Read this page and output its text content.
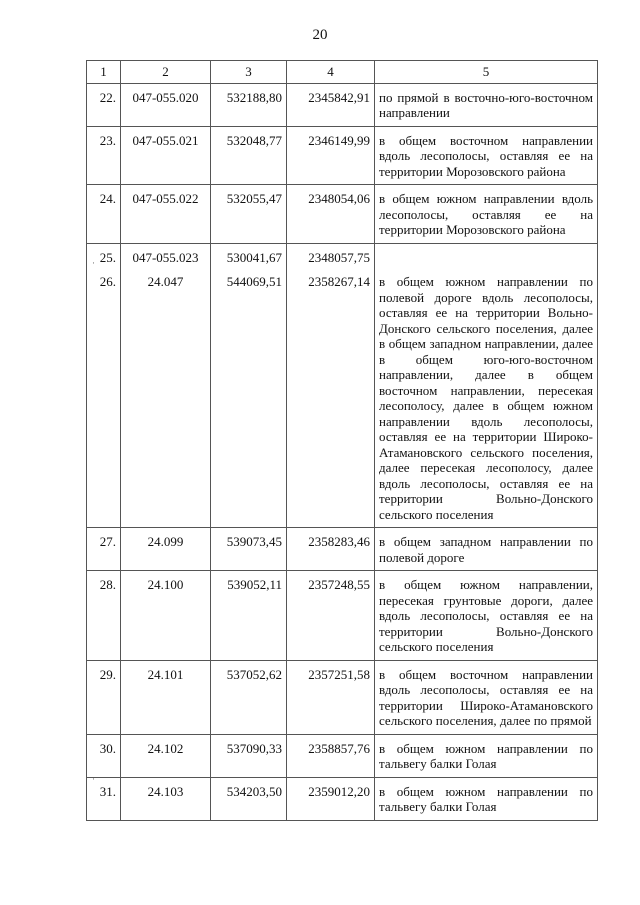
20
1	2	3	4	5
22.	047-055.020	532188,80	2345842,91	по прямой в восточно-юго-восточном направлении
23.	047-055.021	532048,77	2346149,99	в общем восточном направлении вдоль лесополосы, оставляя ее на территории Морозовского района
24.	047-055.022	532055,47	2348054,06	в общем южном направлении вдоль лесополосы, оставляя ее на территории Морозовского района
25.	047-055.023	530041,67	2348057,75	
26.	24.047	544069,51	2358267,14	в общем южном направлении по полевой дороге вдоль лесополосы, оставляя ее на территории Вольно-Донского сельского поселения, далее в общем западном направлении, далее в общем юго-юго-восточном направлении, далее в общем восточном направлении, пересекая лесополосу, далее в общем южном направлении вдоль лесополосы, оставляя ее на территории Широко-Атамановского сельского поселения, далее пересекая лесополосу, далее вдоль лесополосы, оставляя ее на территории Вольно-Донского сельского поселения
27.	24.099	539073,45	2358283,46	в общем западном направлении по полевой дороге
28.	24.100	539052,11	2357248,55	в общем южном направлении, пересекая грунтовые дороги, далее вдоль лесополосы, оставляя ее на территории Вольно-Донского сельского поселения
29.	24.101	537052,62	2357251,58	в общем восточном направлении вдоль лесополосы, оставляя ее на территории Широко-Атамановского сельского поселения, далее по прямой
30.	24.102	537090,33	2358857,76	в общем южном направлении по тальвегу балки Голая
31.	24.103	534203,50	2359012,20	в общем южном направлении по тальвегу балки Голая
·
·
